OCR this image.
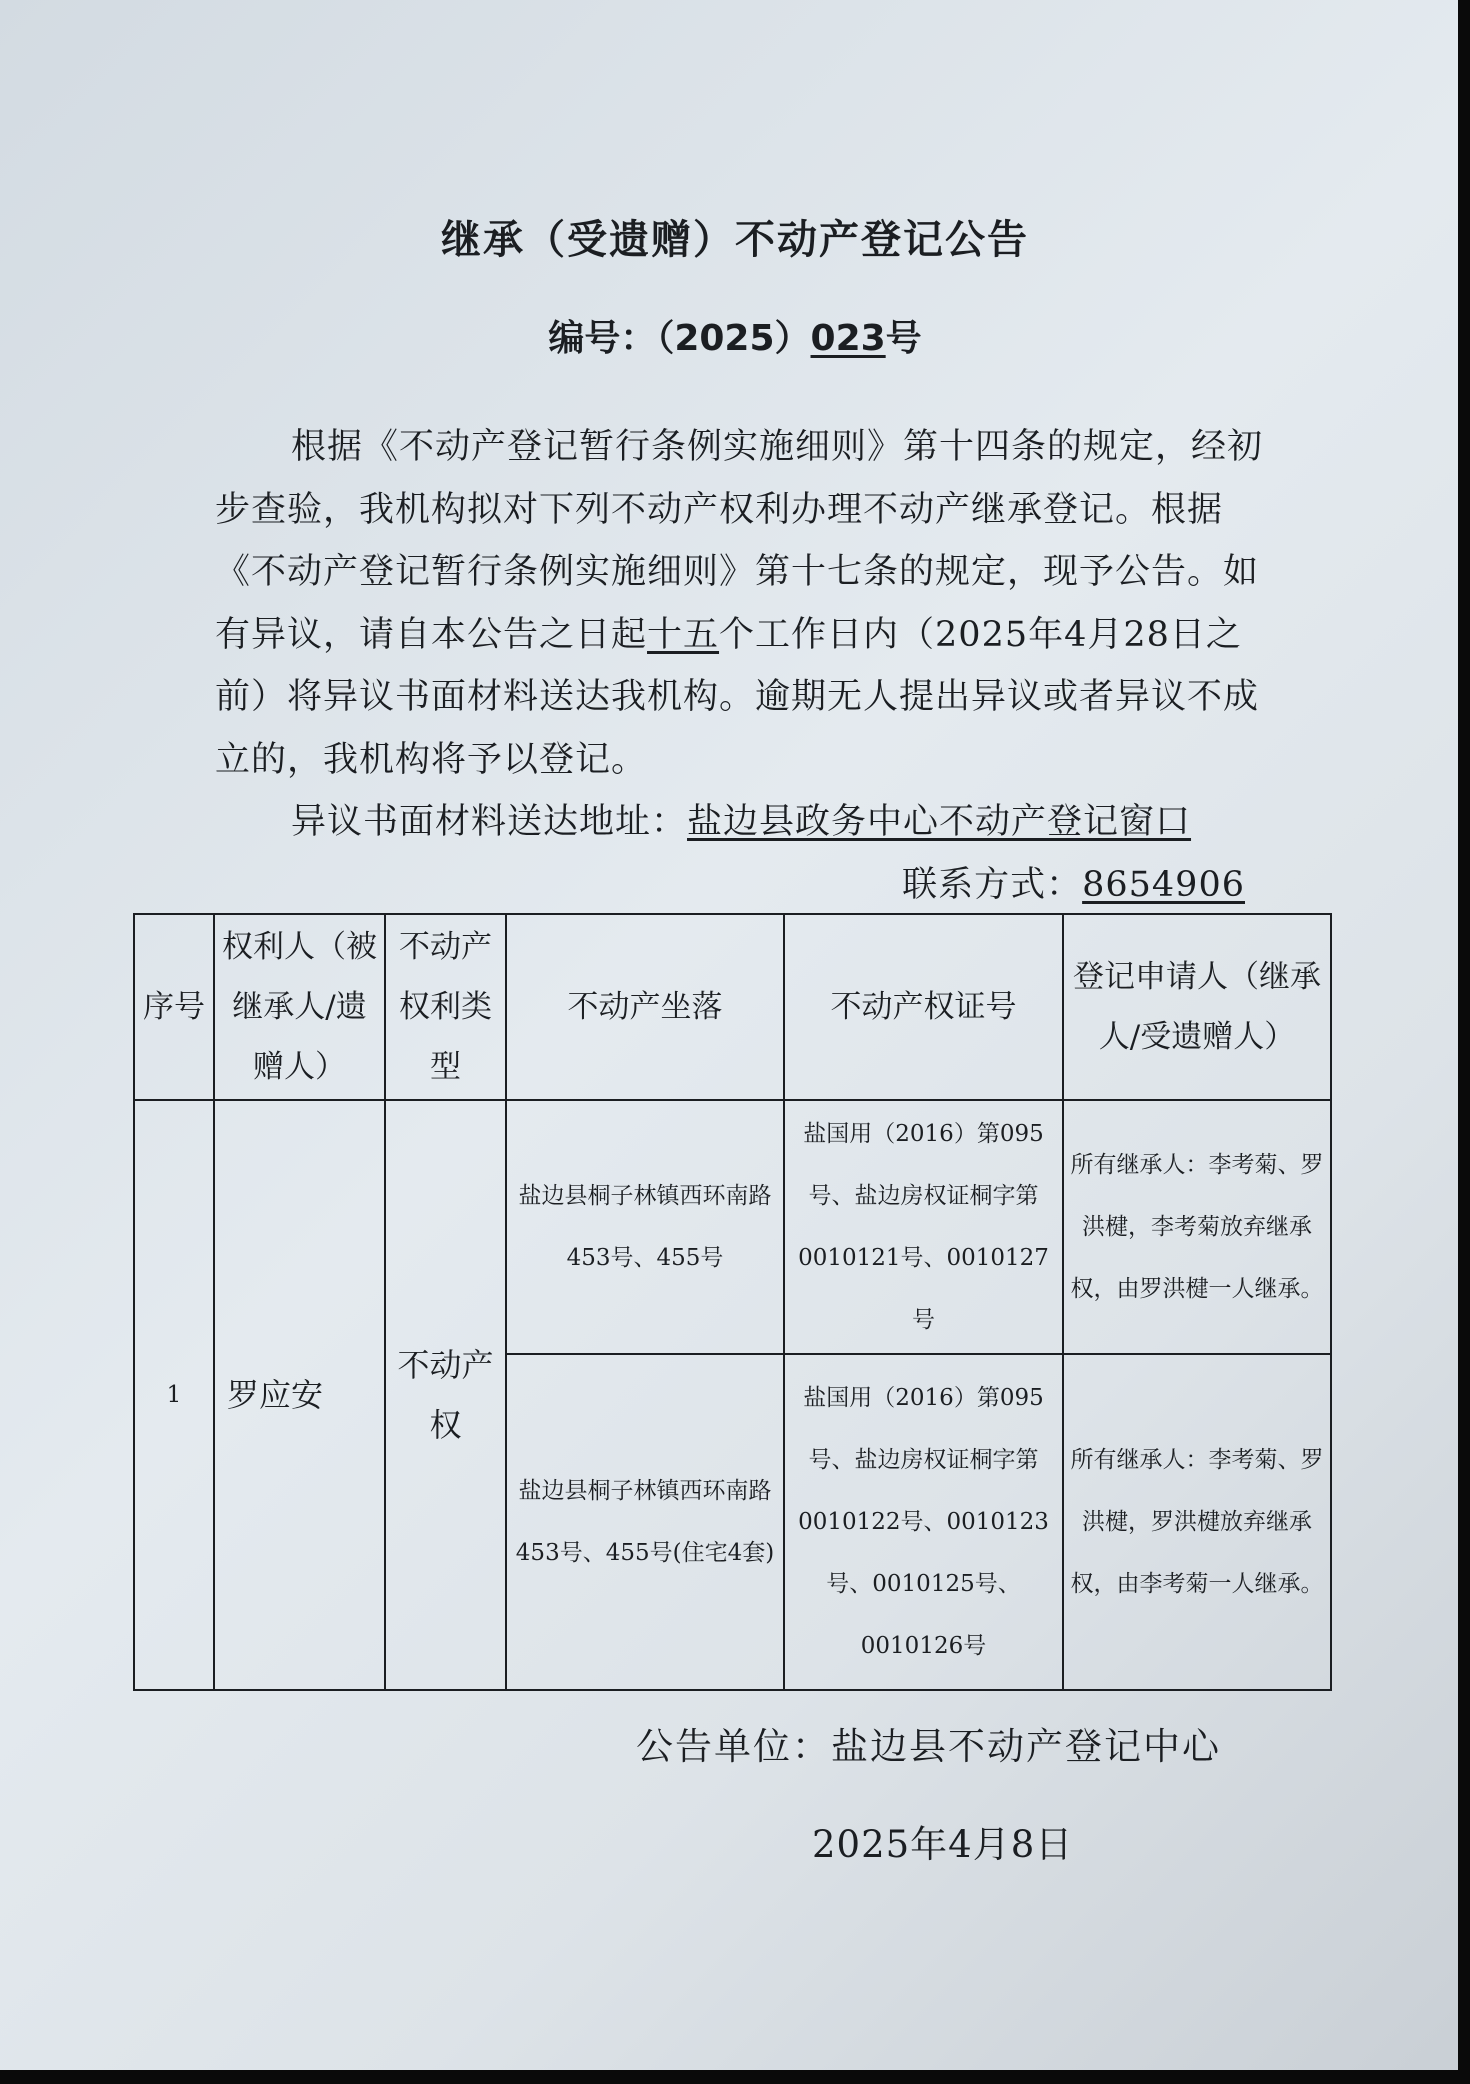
继承（受遗赠）不动产登记公告
编号：（2025）023号

根据《不动产登记暂行条例实施细则》第十四条的规定，经初步查验，我机构拟对下列不动产权利办理不动产继承登记。根据《不动产登记暂行条例实施细则》第十七条的规定，现予公告。如有异议，请自本公告之日起十五个工作日内（2025年4月28日之前）将异议书面材料送达我机构。逾期无人提出异议或者异议不成立的，我机构将予以登记。

异议书面材料送达地址：盐边县政务中心不动产登记窗口

联系方式：8654906

序号	权利人（被继承人/遗赠人）	不动产权利类型	不动产坐落	不动产权证号	登记申请人（继承人/受遗赠人）
1	罗应安	不动产权	盐边县桐子林镇西环南路453号、455号	盐国用（2016）第095号、盐边房权证桐字第0010121号、0010127号	所有继承人：李考菊、罗洪楗，李考菊放弃继承权，由罗洪楗一人继承。
			盐边县桐子林镇西环南路453号、455号(住宅4套)	盐国用（2016）第095号、盐边房权证桐字第0010122号、0010123号、0010125号、0010126号	所有继承人：李考菊、罗洪楗，罗洪楗放弃继承权，由李考菊一人继承。
公告单位：盐边县不动产登记中心
2025年4月8日
